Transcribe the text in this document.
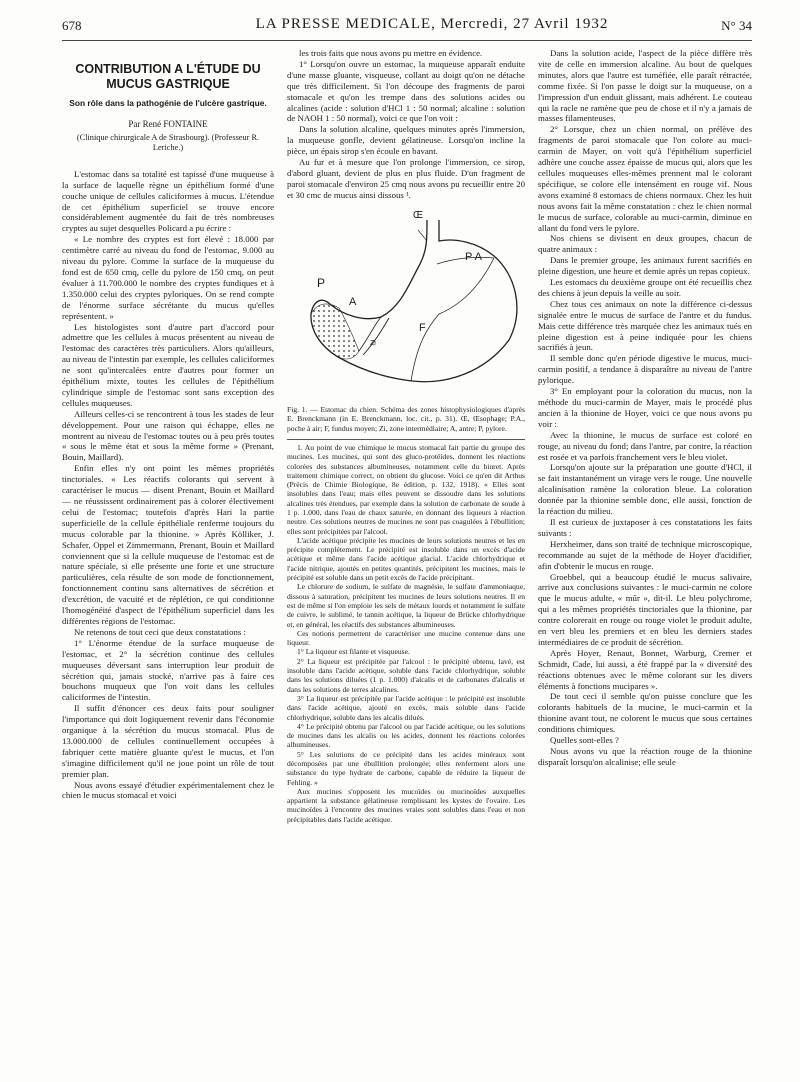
678	LA PRESSE MEDICALE, Mercredi, 27 Avril 1932	N° 34
CONTRIBUTION A L'ÉTUDE DU MUCUS GASTRIQUE
Son rôle dans la pathogénie de l'ulcère gastrique.
Par René FONTAINE
(Clinique chirurgicale A de Strasbourg). (Professeur R. Leriche.)

L'estomac dans sa totalité est tapissé d'une muqueuse à la surface de laquelle règne un épithélium formé d'une couche unique de cellules caliciformes à mucus. L'étendue de cet épithélium superficiel se trouve encore considérablement augmentée du fait de très nombreuses cryptes au sujet desquelles Policard a pu écrire :

« Le nombre des cryptes est fort élevé : 18.000 par centimètre carré au niveau du fond de l'estomac, 9.000 au niveau du pylore. Comme la surface de la muqueuse du fond est de 650 cmq, celle du pylore de 150 cmq, on peut évaluer à 11.700.000 le nombre des cryptes fundiques et à 1.350.000 celui des cryptes pyloriques. On se rend compte de l'énorme surface sécrétante du mucus qu'elles représentent. »

Les histologistes sont d'autre part d'accord pour admettre que les cellules à mucus présentent au niveau de l'estomac des caractères très particuliers. Alors qu'ailleurs, au niveau de l'intestin par exemple, les cellules caliciformes ne sont qu'intercalées entre d'autres pour former un épithélium mixte, toutes les cellules de l'épithélium cylindrique simple de l'estomac sont sans exception des cellules muqueuses.

Ailleurs celles-ci se rencontrent à tous les stades de leur développement. Pour une raison qui échappe, elles ne montrent au niveau de l'estomac toutes ou à peu près toutes « sous le même état et sous la même forme » (Prenant, Bouin, Maillard).

Enfin elles n'y ont point les mêmes propriétés tinctoriales. « Les réactifs colorants qui servent à caractériser le mucus — disent Prenant, Bouin et Maillard — ne réussissent ordinairement pas à colorer électivement celui de l'estomac; toutefois d'après Hari la partie superficielle de la cellule épithéliale renferme toujours du mucus colorable par la thionine. » Après Kölliker, J. Schafer, Oppel et Zimmermann, Prenant, Bouin et Maillard conviennent que si la cellule muqueuse de l'estomac est de nature spéciale, si elle présente une forte et une structure particulières, cela résulte de son mode de fonctionnement, fonctionnement continu sans alternatives de sécrétion et d'excrétion, de vacuité et de réplétion, ce qui conditionne l'homogénéité d'aspect de l'épithélium superficiel dans les différentes régions de l'estomac.

Ne retenons de tout ceci que deux constatations :

1° L'énorme étendue de la surface muqueuse de l'estomac, et 2° la sécrétion continue des cellules muqueuses déversant sans interruption leur produit de sécrétion qui, jamais stocké, n'arrive pas à faire ces bouchons muqueux que l'on voit dans les cellules caliciformes de l'intestin.

Il suffit d'énoncer ces deux faits pour souligner l'importance qui doit logiquement revenir dans l'économie organique à la sécrétion du mucus stomacal. Plus de 13.000.000 de cellules continuellement occupées à fabriquer cette matière gluante qu'est le mucus, et l'on s'imagine difficilement qu'il ne joue point un rôle de tout premier plan.

Nous avons essayé d'étudier expérimentalement chez le chien le mucus stomacal et voici

les trois faits que nous avons pu mettre en évidence.

1° Lorsqu'on ouvre un estomac, la muqueuse apparaît enduite d'une masse gluante, visqueuse, collant au doigt qu'on ne détache que très difficilement. Si l'on découpe des fragments de paroi stomacale et qu'on les trempe dans des solutions acides ou alcalines (acide : solution d'HCl 1 : 50 normal; alcaline : solution de NAOH 1 : 50 normal), voici ce que l'on voit :

Dans la solution alcaline, quelques minutes après l'immersion, la muqueuse gonfle, devient gélatineuse. Lorsqu'on incline la pièce, un épais sirop s'en écoule en bavant.

Au fur et à mesure que l'on prolonge l'immersion, ce sirop, d'abord gluant, devient de plus en plus fluide. D'un fragment de paroi stomacale d'environ 25 cmq nous avons pu recueillir entre 20 et 30 cmc de mucus ainsi dissous ¹.

Œ
P A
P
A
F
Zi
Fig. 1. — Estomac du chien. Schéma des zones histophysiologiques d'après E. Brenckmann (in E. Brenckmann, loc. cit., p. 31). Œ, Œsophage; P.A., poche à air; F, fundus moyen; Zi, zone intermédiaire; A, antre; P, pylore.

1. Au point de vue chimique le mucus stomacal fait partie du groupe des mucines. Les mucines, qui sont des gluco-protéides, donnent les réactions colorées des substances albumineuses, notamment celle du biuret. Après traitement chimique correct, on obtient du glucose. Voici ce qu'en dit Arthus (Précis de Chimie Biologique, 8e édition, p. 132, 1918). « Elles sont insolubles dans l'eau; mais elles peuvent se dissoudre dans les solutions alcalines très étendues, par exemple dans la solution de carbonate de soude à 1 p. 1.000, dans l'eau de chaux saturée, en donnant des liqueurs à réaction neutre. Ces solutions neutres de mucines ne sont pas coagulées à l'ébullition; elles sont précipitées par l'alcool.

L'acide acétique précipite les mucines de leurs solutions neutres et les en précipite complètement. Le précipité est insoluble dans un excès d'acide acétique et même dans l'acide acétique glacial. L'acide chlorhydrique et l'acide nitrique, ajoutés en petites quantités, précipitent les mucines, mais le précipité est soluble dans un petit excès de l'acide précipitant.

Le chlorure de sodium, le sulfate de magnésie, le sulfate d'ammoniaque, dissous à saturation, précipitent les mucines de leurs solutions neutres. Il en est de même si l'on emploie les sels de métaux lourds et notamment le sulfate de cuivre, le sublimé, le tannin acétique, la liqueur de Brücke chlorhydrique et, en général, les réactifs des substances albumineuses.

Ces notions permettent de caractériser une mucine contenue dans une liqueur.

1° La liqueur est filante et visqueuse.

2° La liqueur est précipitée par l'alcool : le précipité obtenu, lavé, est insoluble dans l'acide acétique, soluble dans l'acide chlorhydrique, soluble dans les solutions diluées (1 p. 1.000) d'alcalis et de carbonates d'alcalis et dans les solutions de terres alcalines.

3° La liqueur est précipitée par l'acide acétique : le précipité est insoluble dans l'acide acétique, ajouté en excès, mais soluble dans l'acide chlorhydrique, soluble dans les alcalis dilués.

4° Le précipité obtenu par l'alcool ou par l'acide acétique, ou les solutions de mucines dans les alcalis ou les acides, donnent les réactions colorées albumineuses.

5° Les solutions de ce précipité dans les acides minéraux sont décomposées par une ébullition prolongée; elles renferment alors une substance du type hydrate de carbone, capable de réduire la liqueur de Fehling. »

Aux mucines s'opposent les mucoïdes ou mucinoïdes auxquelles appartient la substance gélatineuse remplissant les kystes de l'ovaire. Les mucinoïdes à l'encontre des mucines vraies sont solubles dans l'eau et non précipitables dans l'acide acétique.

Dans la solution acide, l'aspect de la pièce diffère très vite de celle en immersion alcaline. Au bout de quelques minutes, alors que l'autre est tuméfiée, elle paraît rétractée, comme fixée. Si l'on passe le doigt sur la muqueuse, on a l'impression d'un enduit glissant, mais adhérent. Le couteau qui la racle ne ramène que peu de chose et il n'y a jamais de masses filamenteuses.

2° Lorsque, chez un chien normal, on prélève des fragments de paroi stomacale que l'on colore au muci-carmin de Mayer, on voit qu'à l'épithélium superficiel adhère une couche assez épaisse de mucus qui, alors que les cellules muqueuses elles-mêmes prennent mal le colorant spécifique, se colore elle intensément en rouge vif. Nous avons examiné 8 estomacs de chiens normaux. Chez les huit nous avons fait la même constatation : chez le chien normal le mucus de surface, colorable au muci-carmin, diminue en allant du fond vers le pylore.

Nos chiens se divisent en deux groupes, chacun de quatre animaux :

Dans le premier groupe, les animaux furent sacrifiés en pleine digestion, une heure et demie après un repas copieux.

Les estomacs du deuxième groupe ont été recueillis chez des chiens à jeun depuis la veille au soir.

Chez tous ces animaux on note la différence ci-dessus signalée entre le mucus de surface de l'antre et du fundus. Mais cette différence très marquée chez les animaux tués en pleine digestion est à peine indiquée pour les chiens sacrifiés à jeun.

Il semble donc qu'en période digestive le mucus, muci-carmin positif, a tendance à disparaître au niveau de l'antre pylorique.

3° En employant pour la coloration du mucus, non la méthode du muci-carmin de Mayer, mais le procédé plus ancien à la thionine de Hoyer, voici ce que nous avons pu voir :

Avec la thionine, le mucus de surface est coloré en rouge, au niveau du fond; dans l'antre, par contre, la réaction est rosée et va parfois franchement vers le bleu violet.

Lorsqu'on ajoute sur la préparation une goutte d'HCl, il se fait instantanément un virage vers le rouge. Une nouvelle alcalinisation ramène la coloration bleue. La coloration donnée par la thionine semble donc, elle aussi, fonction de la réaction du milieu.

Il est curieux de juxtaposer à ces constatations les faits suivants :

Herxheimer, dans son traité de technique microscopique, recommande au sujet de la méthode de Hoyer d'acidifier, afin d'obtenir le mucus en rouge.

Groebbel, qui a beaucoup étudié le mucus salivaire, arrive aux conclusions suivantes : le muci-carmin ne colore que le mucus adulte, « mûr », dit-il. Le bleu polychrome, qui a les mêmes propriétés tinctoriales que la thionine, par contre colorerait en rouge ou rouge violet le produit adulte, en vert bleu les premiers et en bleu les derniers stades intermédiaires de ce produit de sécrétion.

Après Hoyer, Renaut, Bonnet, Warburg, Cremer et Schmidt, Cade, lui aussi, a été frappé par la « diversité des réactions obtenues avec le même colorant sur les divers éléments à fonctions mucipares ».

De tout ceci il semble qu'on puisse conclure que les colorants habituels de la mucine, le muci-carmin et la thionine avant tout, ne colorent le mucus que sous certaines conditions chimiques.

Quelles sont-elles ?

Nous avons vu que la réaction rouge de la thionine disparaît lorsqu'on alcalinise; elle seule
